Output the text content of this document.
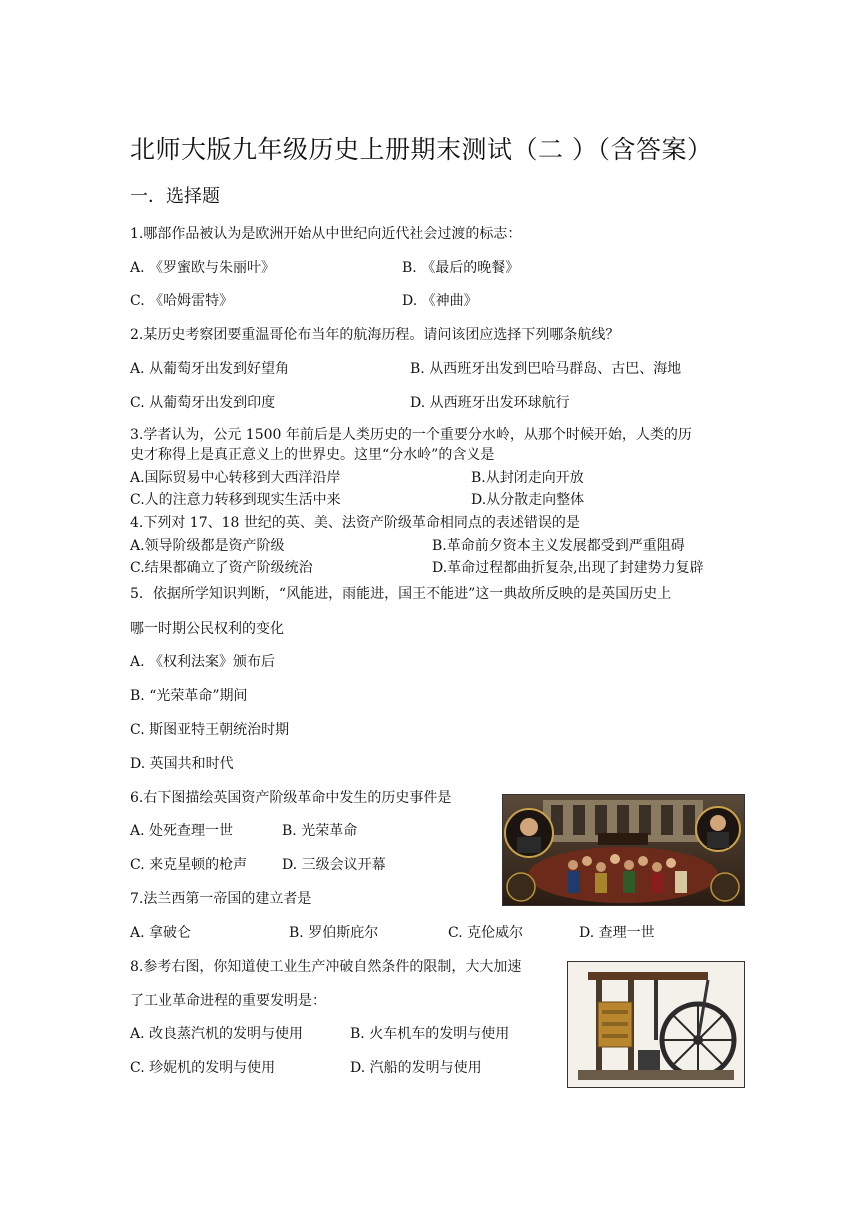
北师大版九年级历史上册期末测试（二 ）（含答案）
一．选择题
1.哪部作品被认为是欧洲开始从中世纪向近代社会过渡的标志：
A. 《罗蜜欧与朱丽叶》	B. 《最后的晚餐》
C. 《哈姆雷特》	D. 《神曲》
2.某历史考察团要重温哥伦布当年的航海历程。请问该团应选择下列哪条航线？
A. 从葡萄牙出发到好望角	B. 从西班牙出发到巴哈马群岛、古巴、海地
C. 从葡萄牙出发到印度	D. 从西班牙出发环球航行
3.学者认为，公元 1500 年前后是人类历史的一个重要分水岭，从那个时候开始，人类的历
史才称得上是真正意义上的世界史。这里“分水岭”的含义是
A.国际贸易中心转移到大西洋沿岸	B.从封闭走向开放
C.人的注意力转移到现实生活中来	D.从分散走向整体
4.下列对 17、18 世纪的英、美、法资产阶级革命相同点的表述错误的是
A.领导阶级都是资产阶级	B.革命前夕资本主义发展都受到严重阻碍
C.结果都确立了资产阶级统治	D.革命过程都曲折复杂,出现了封建势力复辟
5．依据所学知识判断，“风能进，雨能进，国王不能进”这一典故所反映的是英国历史上
哪一时期公民权利的变化
A. 《权利法案》颁布后
B. “光荣革命”期间
C. 斯图亚特王朝统治时期
D. 英国共和时代
6.右下图描绘英国资产阶级革命中发生的历史事件是
A. 处死查理一世	B. 光荣革命
C. 来克星顿的枪声 D. 三级会议开幕
7.法兰西第一帝国的建立者是
A. 拿破仑	B. 罗伯斯庇尔	C. 克伦威尔	D. 查理一世
8.参考右图，你知道使工业生产冲破自然条件的限制，大大加速
了工业革命进程的重要发明是：
A. 改良蒸汽机的发明与使用	B. 火车机车的发明与使用
C. 珍妮机的发明与使用	D. 汽船的发明与使用
